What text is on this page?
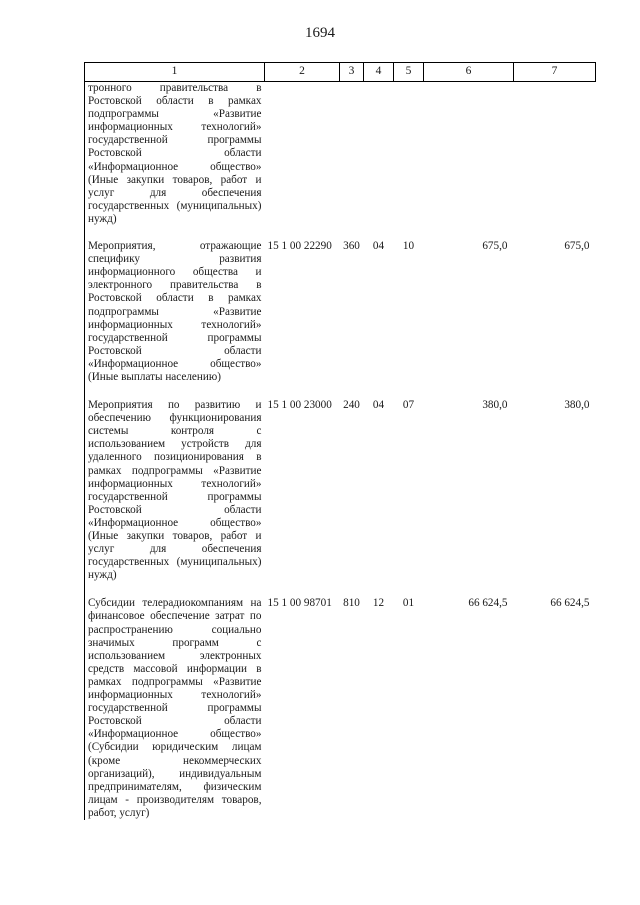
1694
1	2	3	4	5	6	7
тронного правительства в Ростовской области в рамках подпрограммы «Развитие информационных технологий» государственной программы Ростовской области «Информационное общество» (Иные закупки товаров, работ и услуг для обеспечения государственных (муниципальных) нужд)						
Мероприятия, отражающие специфику развития информационного общества и электронного правительства в Ростовской области в рамках подпрограммы «Развитие информационных технологий» государственной программы Ростовской области «Информационное общество» (Иные выплаты населению)	15 1 00 22290	360	04	10	675,0	675,0
Мероприятия по развитию и обеспечению функционирования системы контроля с использованием устройств для удаленного позиционирования в рамках подпрограммы «Развитие информационных технологий» государственной программы Ростовской области «Информационное общество» (Иные закупки товаров, работ и услуг для обеспечения государственных (муниципальных) нужд)	15 1 00 23000	240	04	07	380,0	380,0
Субсидии телерадиокомпаниям на финансовое обеспечение затрат по распространению социально значимых программ с использованием электронных средств массовой информации в рамках подпрограммы «Развитие информационных технологий» государственной программы Ростовской области «Информационное общество» (Субсидии юридическим лицам (кроме некоммерческих организаций), индивидуальным предпринимателям, физическим лицам - производителям товаров, работ, услуг)	15 1 00 98701	810	12	01	66 624,5	66 624,5
